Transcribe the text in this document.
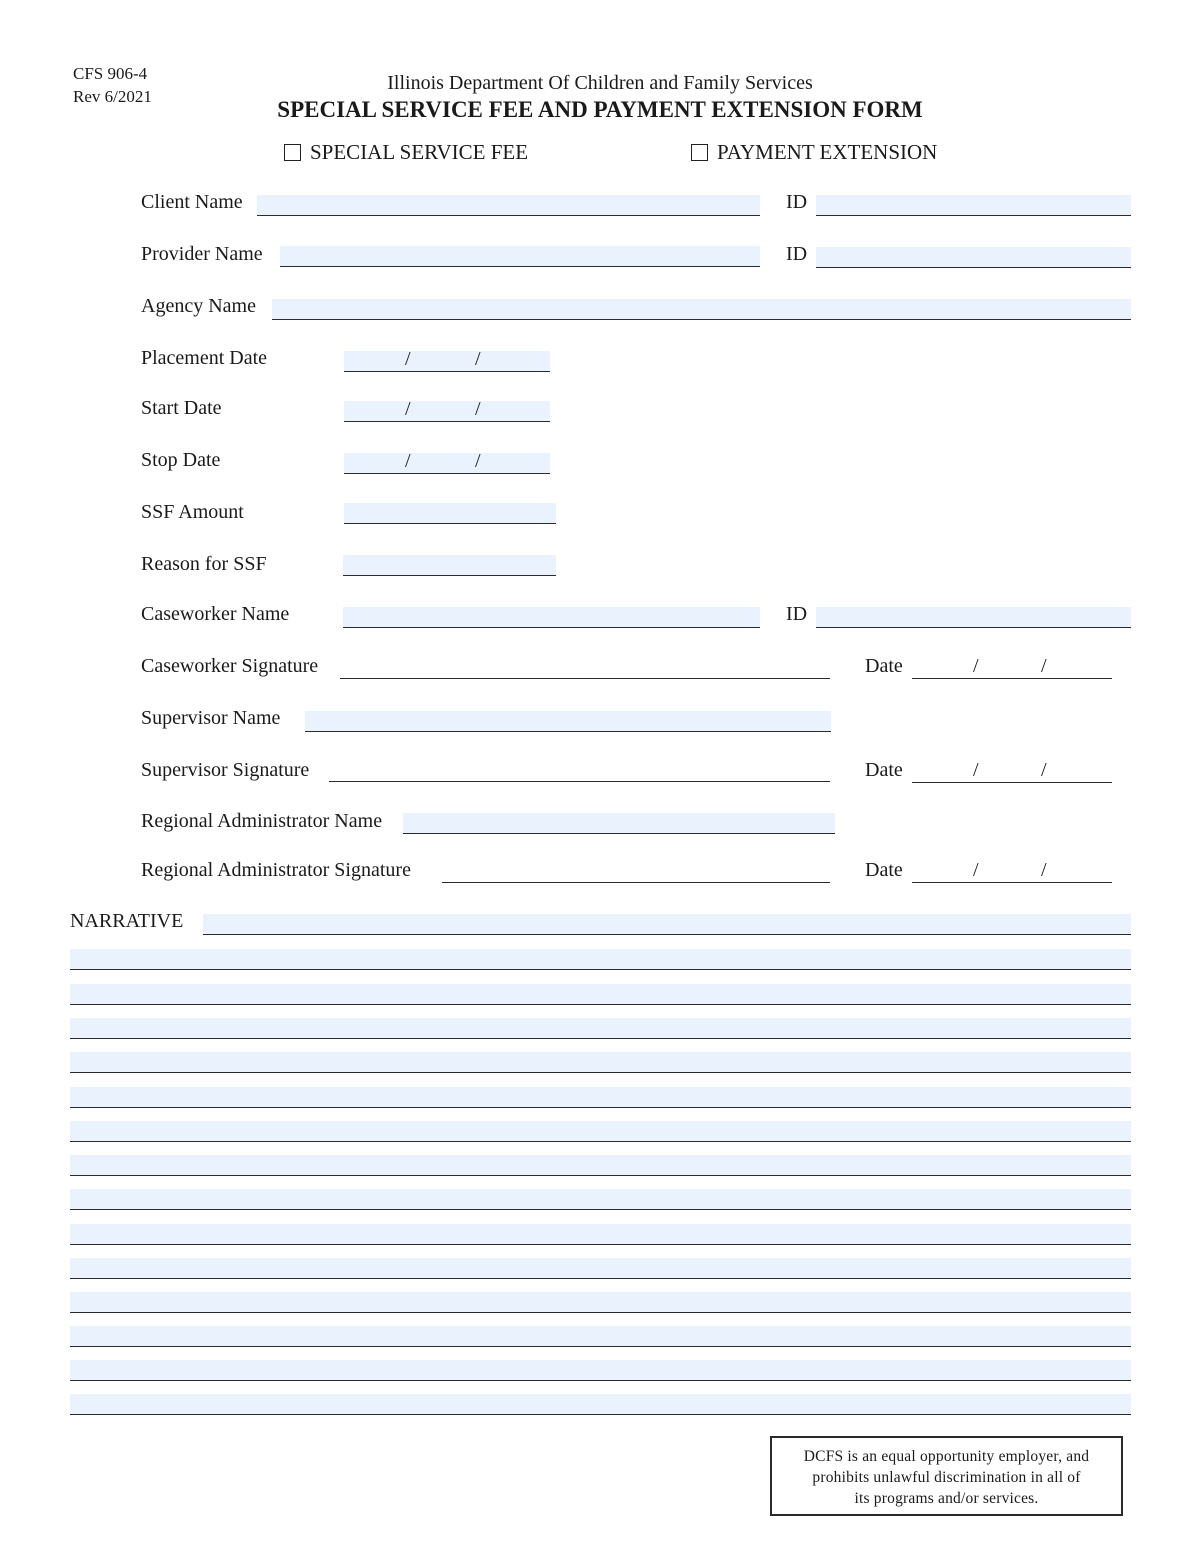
CFS 906-4
Rev 6/2021
Illinois Department Of Children and Family Services
SPECIAL SERVICE FEE AND PAYMENT EXTENSION FORM
SPECIAL SERVICE FEE	PAYMENT EXTENSION
Client Name	ID
Provider Name	ID
Agency Name
Placement Date	/	/
Start Date	/	/
Stop Date	/	/
SSF Amount
Reason for SSF
Caseworker Name	ID
Caseworker Signature	Date	/	/
Supervisor Name
Supervisor Signature	Date	/	/
Regional Administrator Name
Regional Administrator Signature	Date	/	/
NARRATIVE
DCFS is an equal opportunity employer, and
prohibits unlawful discrimination in all of
its programs and/or services.
